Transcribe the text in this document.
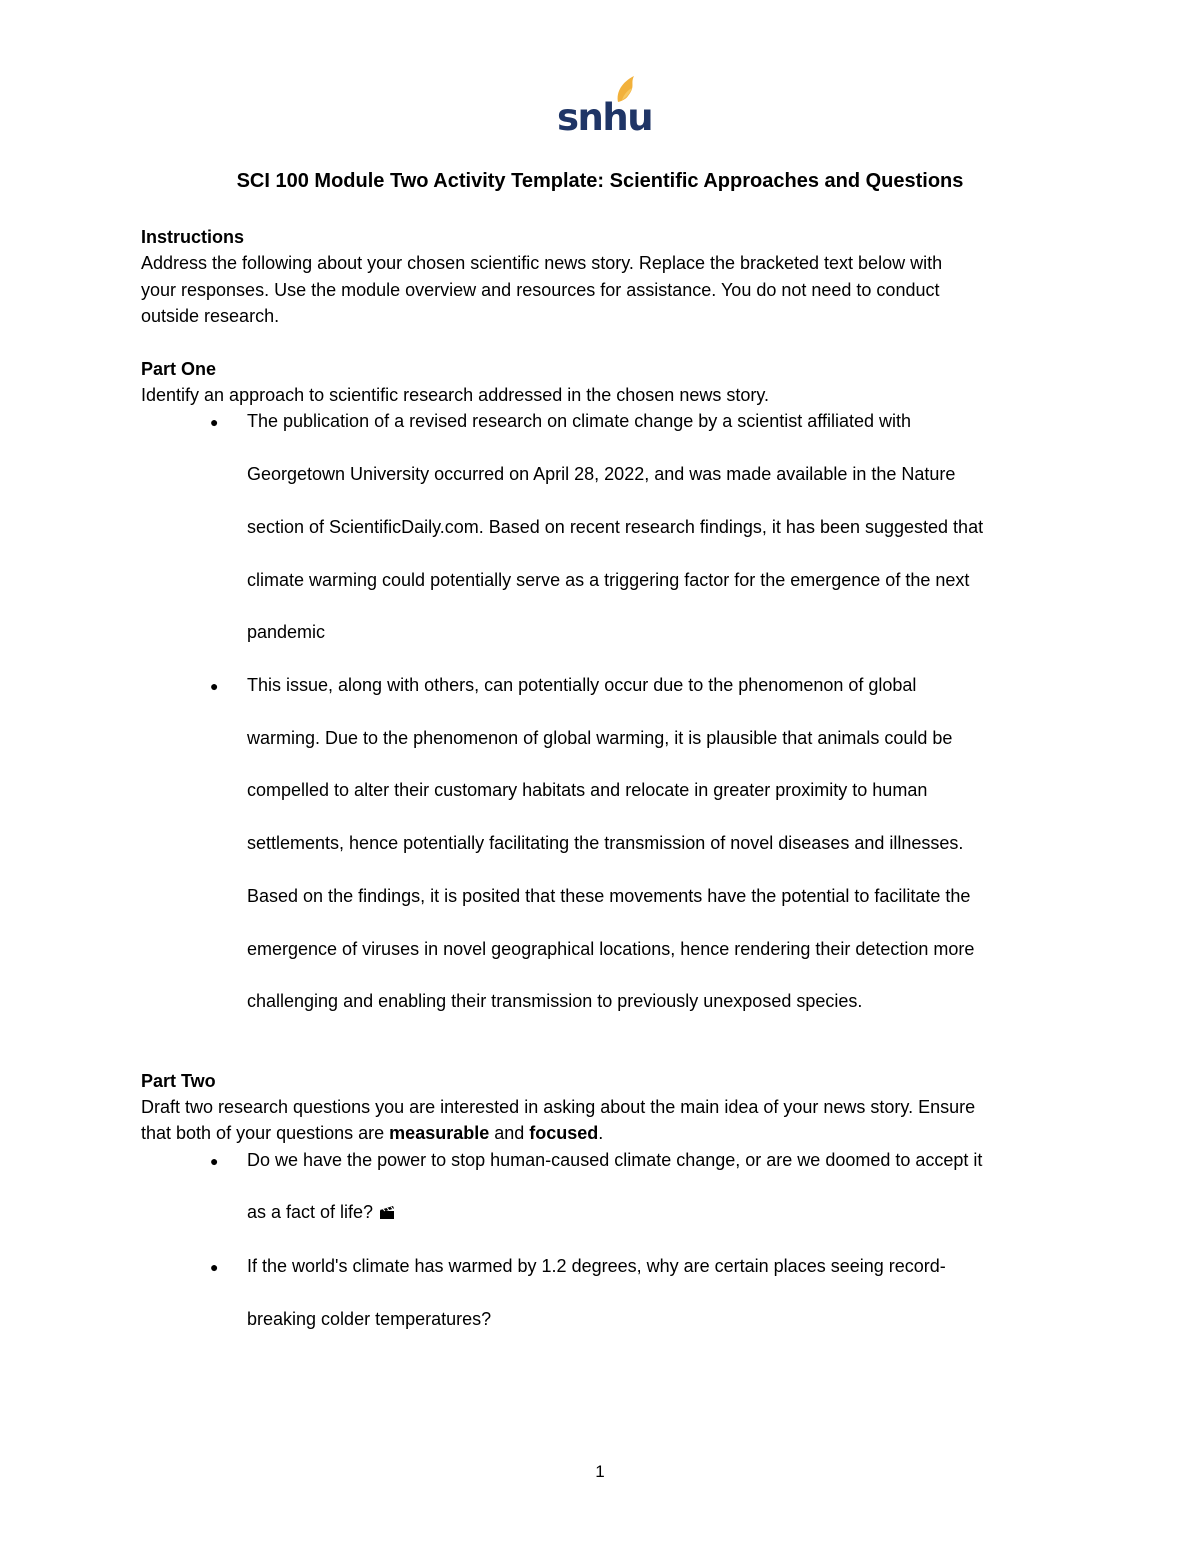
snhu
SCI 100 Module Two Activity Template: Scientific Approaches and Questions
Instructions
Address the following about your chosen scientific news story. Replace the bracketed text below with
your responses. Use the module overview and resources for assistance. You do not need to conduct
outside research.
Part One
Identify an approach to scientific research addressed in the chosen news story.
● The publication of a revised research on climate change by a scientist affiliated with
Georgetown University occurred on April 28, 2022, and was made available in the Nature
section of ScientificDaily.com. Based on recent research findings, it has been suggested that
climate warming could potentially serve as a triggering factor for the emergence of the next
pandemic
● This issue, along with others, can potentially occur due to the phenomenon of global
warming. Due to the phenomenon of global warming, it is plausible that animals could be
compelled to alter their customary habitats and relocate in greater proximity to human
settlements, hence potentially facilitating the transmission of novel diseases and illnesses.
Based on the findings, it is posited that these movements have the potential to facilitate the
emergence of viruses in novel geographical locations, hence rendering their detection more
challenging and enabling their transmission to previously unexposed species.
Part Two
Draft two research questions you are interested in asking about the main idea of your news story. Ensure
that both of your questions are measurable and focused.
● Do we have the power to stop human-caused climate change, or are we doomed to accept it
as a fact of life?
● If the world's climate has warmed by 1.2 degrees, why are certain places seeing record-
breaking colder temperatures?
1
